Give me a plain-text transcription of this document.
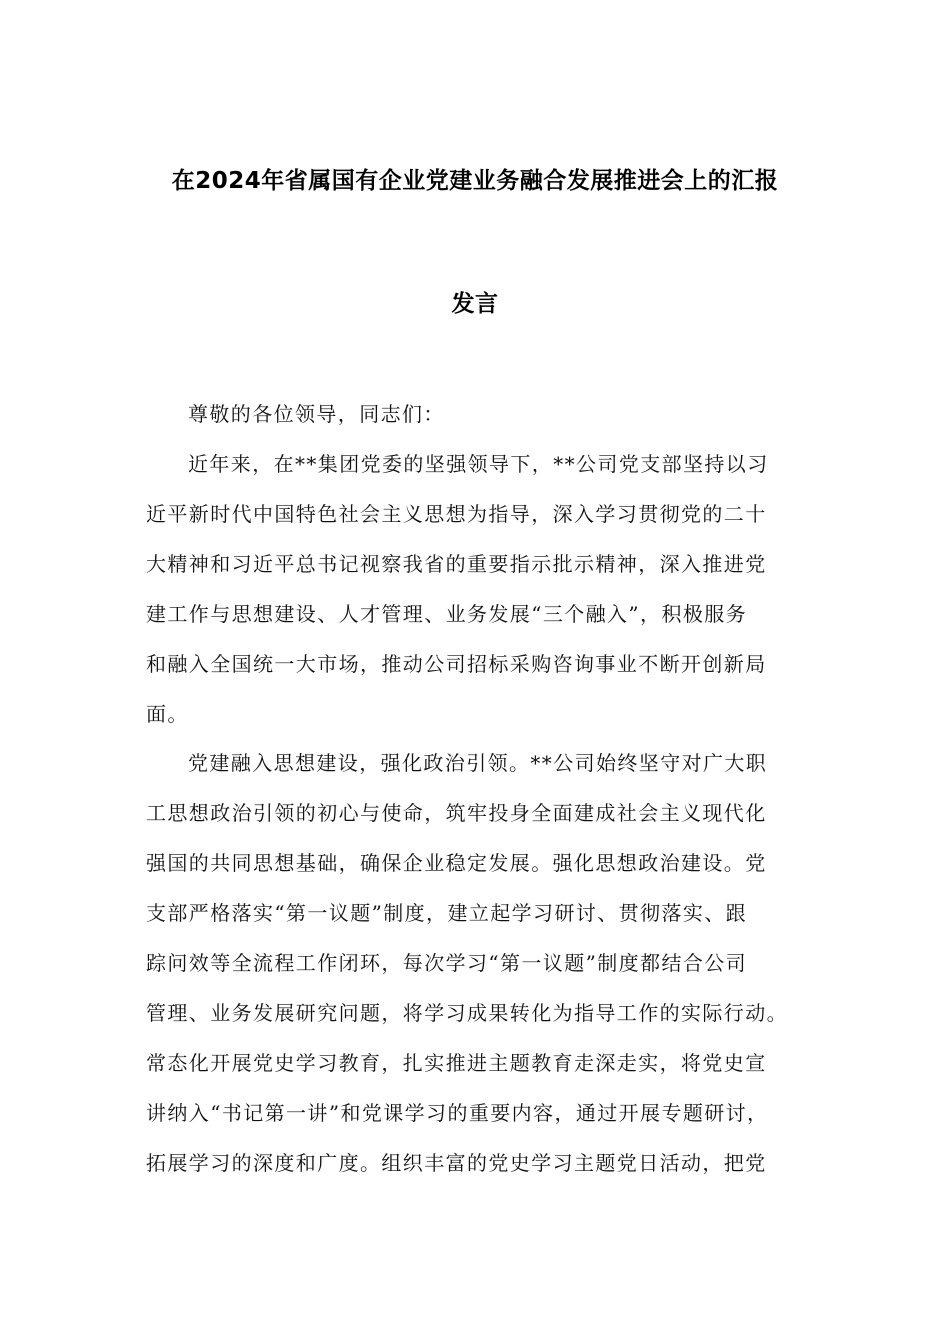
在2024年省属国有企业党建业务融合发展推进会上的汇报
发言
尊敬的各位领导，同志们：
近年来，在**集团党委的坚强领导下，**公司党支部坚持以习
近平新时代中国特色社会主义思想为指导，深入学习贯彻党的二十
大精神和习近平总书记视察我省的重要指示批示精神，深入推进党
建工作与思想建设、人才管理、业务发展“三个融入”，积极服务
和融入全国统一大市场，推动公司招标采购咨询事业不断开创新局
面。
党建融入思想建设，强化政治引领。**公司始终坚守对广大职
工思想政治引领的初心与使命，筑牢投身全面建成社会主义现代化
强国的共同思想基础，确保企业稳定发展。强化思想政治建设。党
支部严格落实“第一议题”制度，建立起学习研讨、贯彻落实、跟
踪问效等全流程工作闭环，每次学习“第一议题”制度都结合公司
管理、业务发展研究问题，将学习成果转化为指导工作的实际行动。
常态化开展党史学习教育，扎实推进主题教育走深走实，将党史宣
讲纳入“书记第一讲”和党课学习的重要内容，通过开展专题研讨，
拓展学习的深度和广度。组织丰富的党史学习主题党日活动，把党
